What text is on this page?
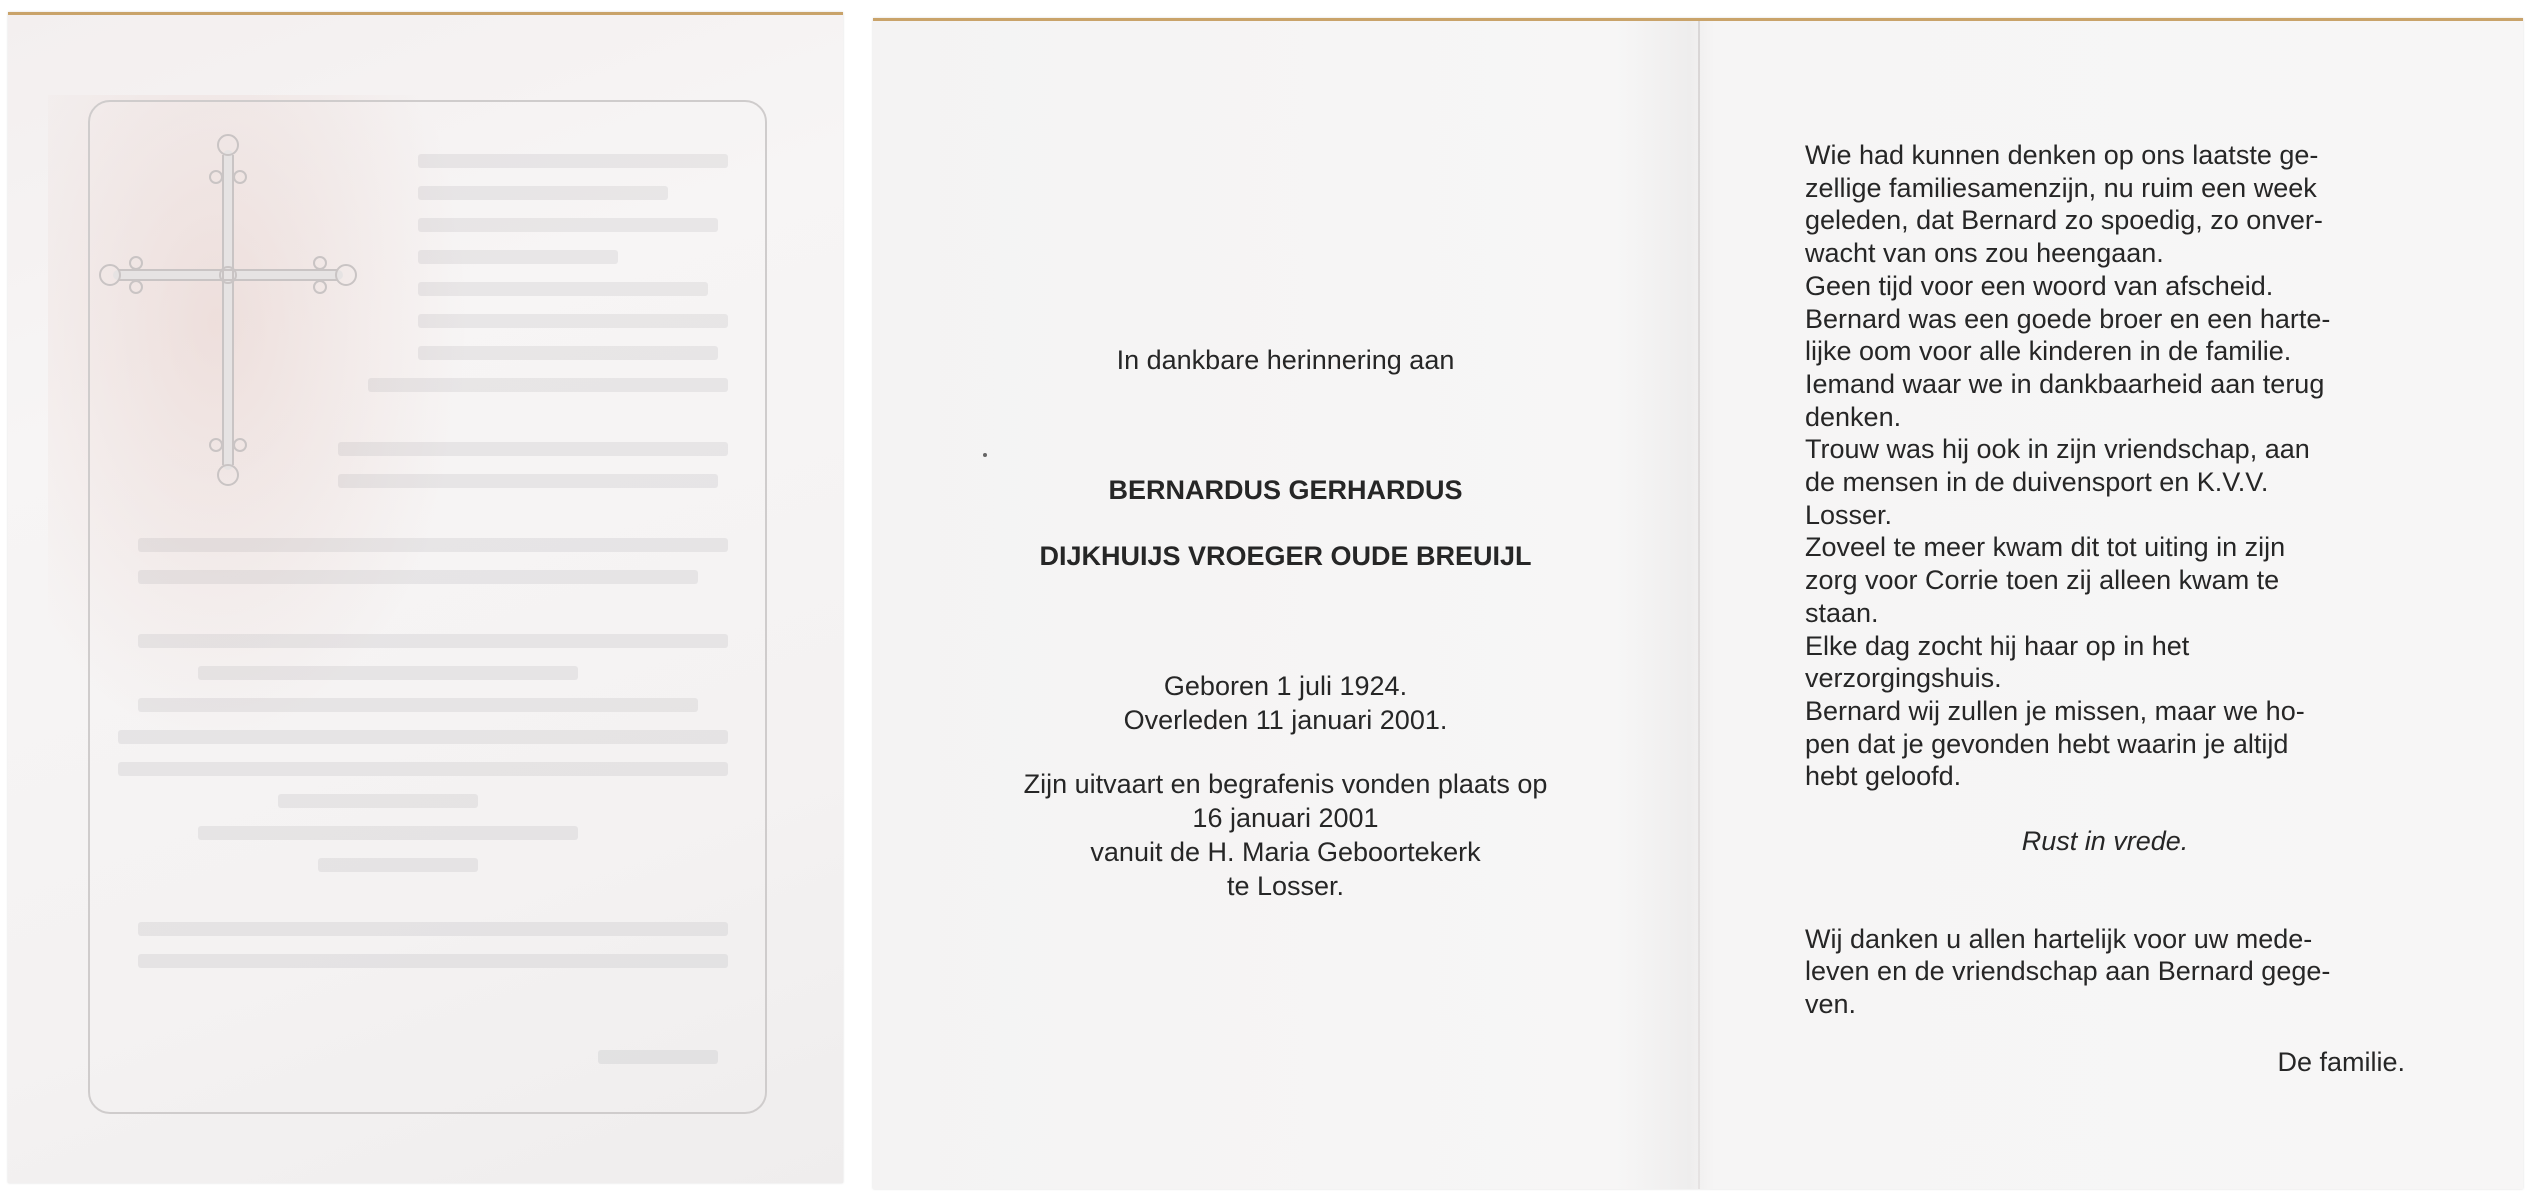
In dankbare herinnering aan
BERNARDUS GERHARDUS
DIJKHUIJS VROEGER OUDE BREUIJL
Geboren 1 juli 1924.
Overleden 11 januari 2001.
Zijn uitvaart en begrafenis vonden plaats op
16 januari 2001
vanuit de H. Maria Geboortekerk
te Losser.
Wie had kunnen denken op ons laatste ge-
zellige familiesamenzijn, nu ruim een week
geleden, dat Bernard zo spoedig, zo onver-
wacht van ons zou heengaan.
Geen tijd voor een woord van afscheid.
Bernard was een goede broer en een harte-
lijke oom voor alle kinderen in de familie.
Iemand waar we in dankbaarheid aan terug
denken.
Trouw was hij ook in zijn vriendschap, aan
de mensen in de duivensport en K.V.V.
Losser.
Zoveel te meer kwam dit tot uiting in zijn
zorg voor Corrie toen zij alleen kwam te
staan.
Elke dag zocht hij haar op in het
verzorgingshuis.
Bernard wij zullen je missen, maar we ho-
pen dat je gevonden hebt waarin je altijd
hebt geloofd.

Rust in vrede.

Wij danken u allen hartelijk voor uw mede-
leven en de vriendschap aan Bernard gege-
ven.

De familie.
